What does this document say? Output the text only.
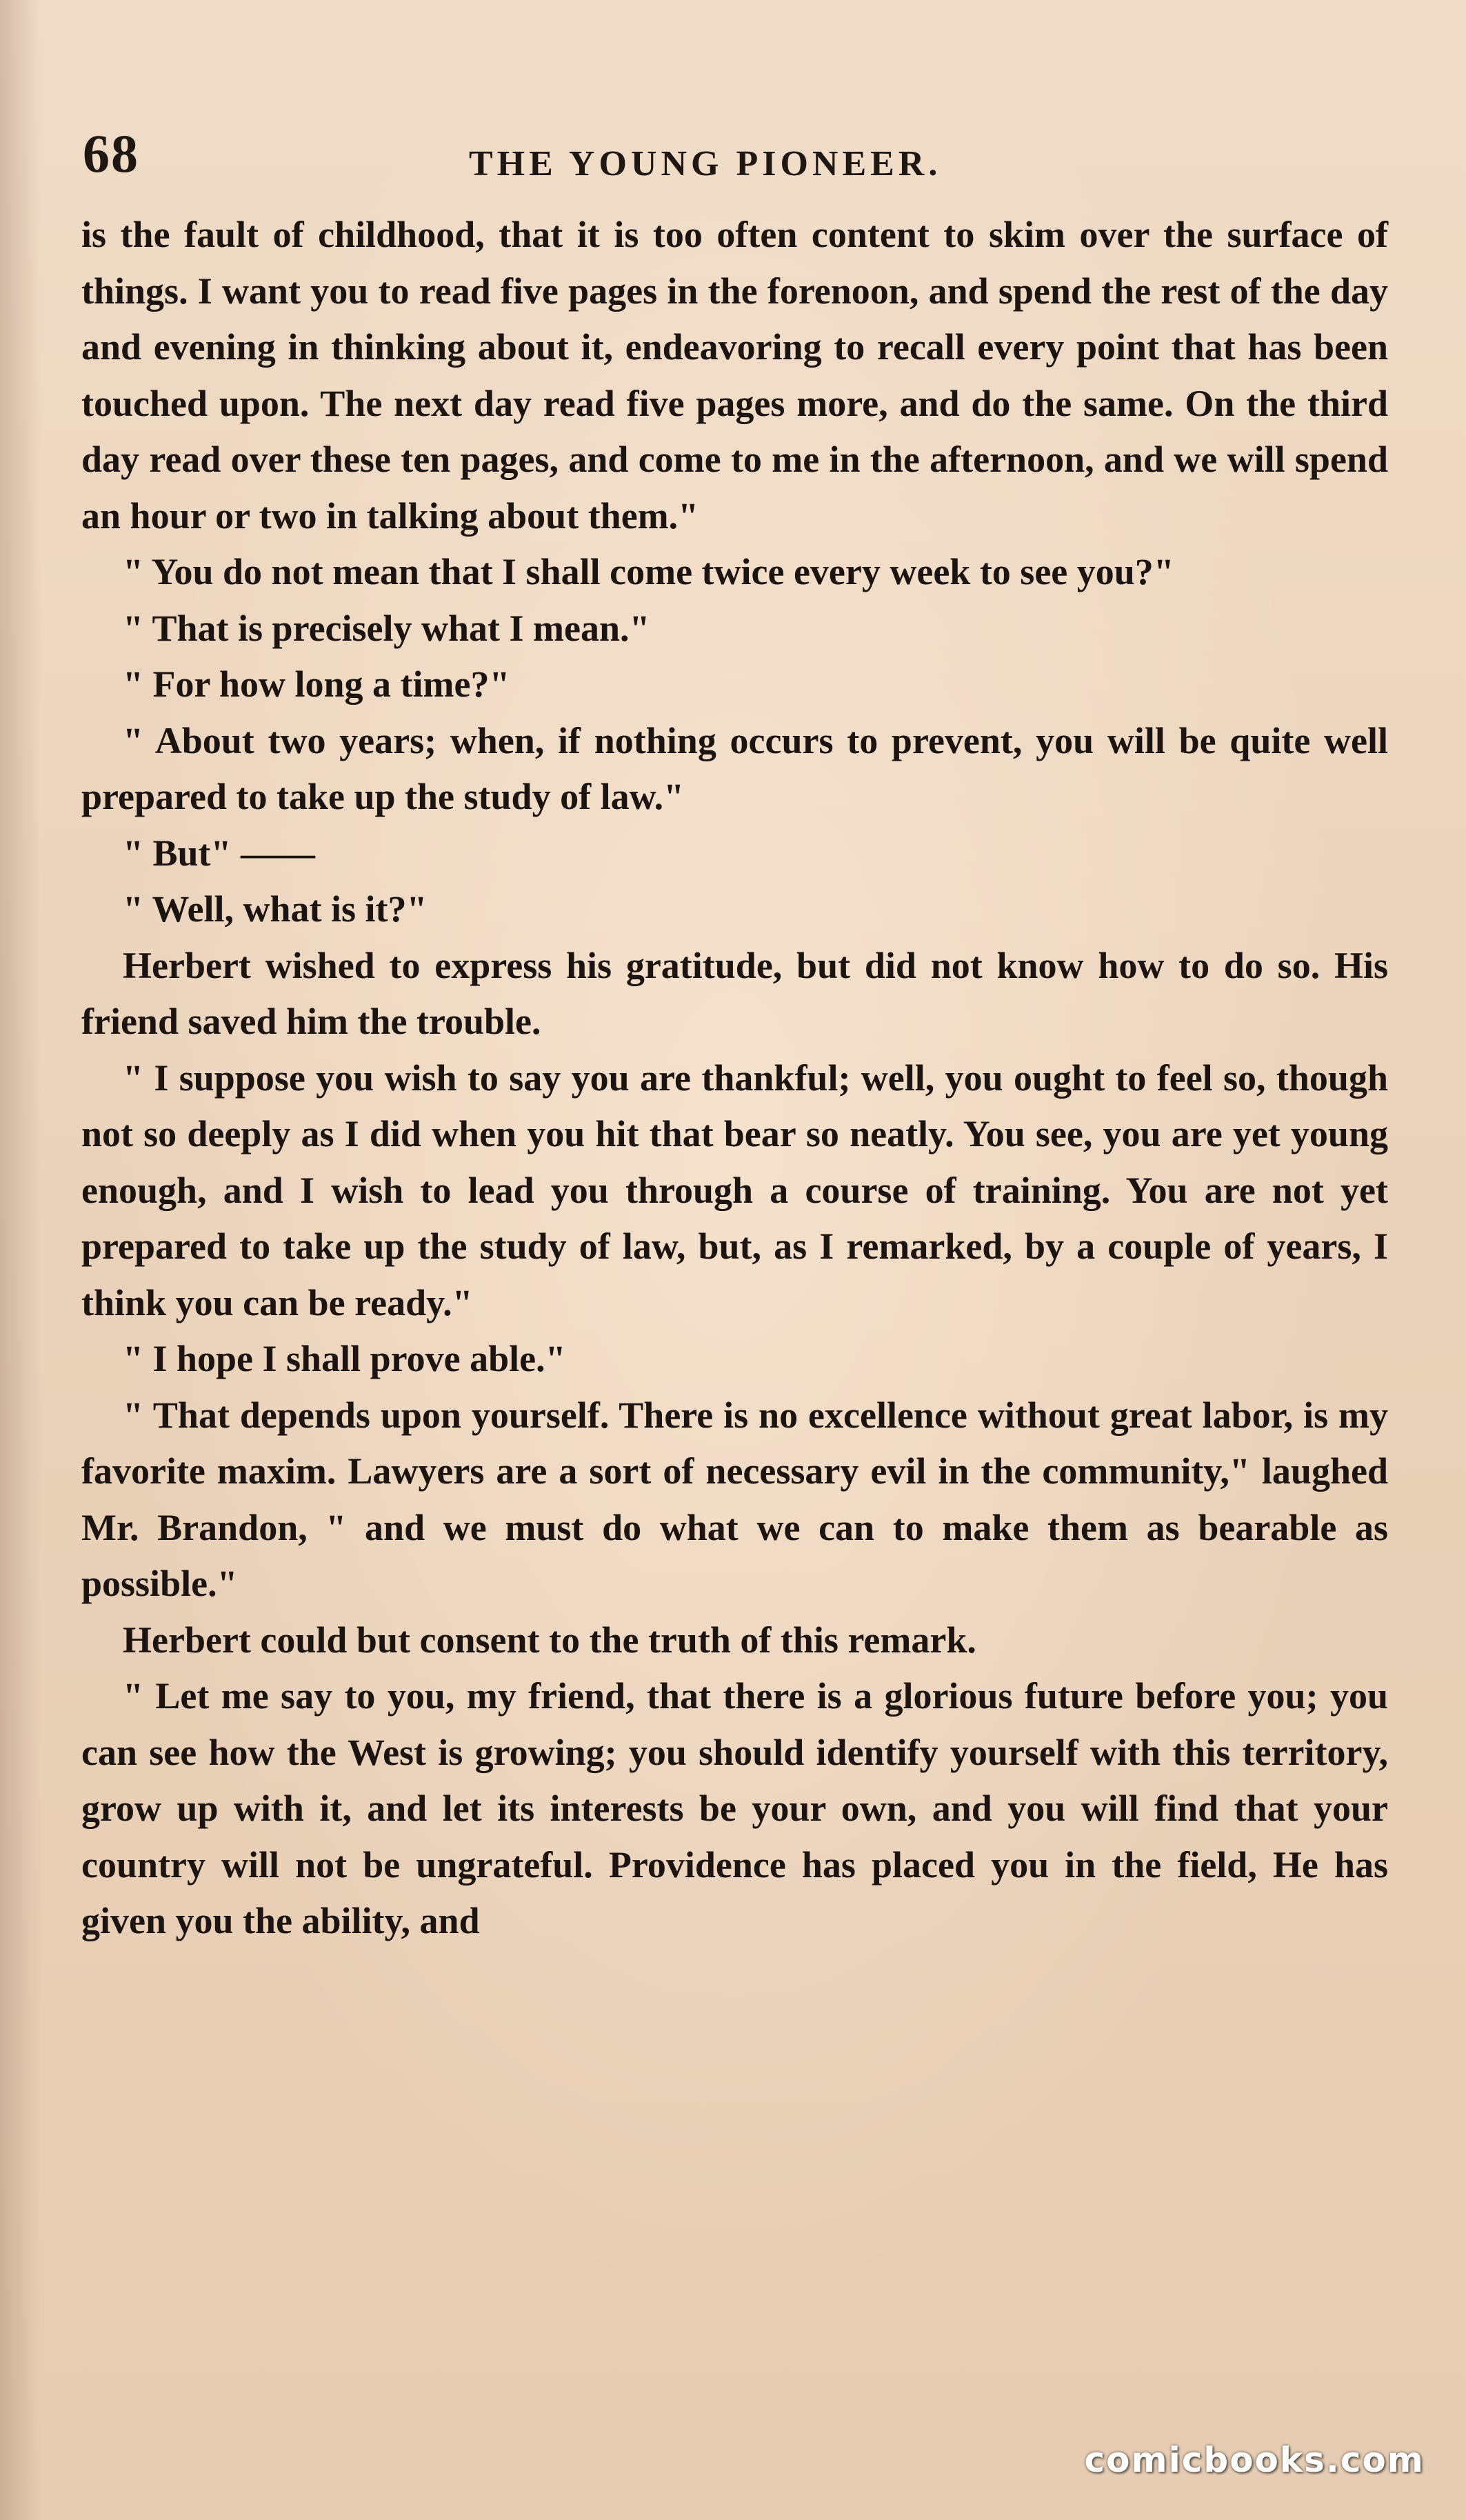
68	THE YOUNG PIONEER.

is the fault of childhood, that it is too often content to skim over the surface of things. I want you to read five pages in the forenoon, and spend the rest of the day and evening in thinking about it, endeavoring to recall every point that has been touched upon. The next day read five pages more, and do the same. On the third day read over these ten pages, and come to me in the afternoon, and we will spend an hour or two in talking about them."

" You do not mean that I shall come twice every week to see you?"

" That is precisely what I mean."

" For how long a time?"

" About two years; when, if nothing occurs to prevent, you will be quite well prepared to take up the study of law."

" But" ——

" Well, what is it?"

Herbert wished to express his gratitude, but did not know how to do so. His friend saved him the trouble.

" I suppose you wish to say you are thankful; well, you ought to feel so, though not so deeply as I did when you hit that bear so neatly. You see, you are yet young enough, and I wish to lead you through a course of training. You are not yet prepared to take up the study of law, but, as I remarked, by a couple of years, I think you can be ready."

" I hope I shall prove able."

" That depends upon yourself. There is no excellence without great labor, is my favorite maxim. Lawyers are a sort of necessary evil in the community," laughed Mr. Brandon, " and we must do what we can to make them as bearable as possible."

Herbert could but consent to the truth of this remark.

" Let me say to you, my friend, that there is a glorious future before you; you can see how the West is growing; you should identify yourself with this territory, grow up with it, and let its interests be your own, and you will find that your country will not be ungrateful. Providence has placed you in the field, He has given you the ability, and

comicbooks.com
